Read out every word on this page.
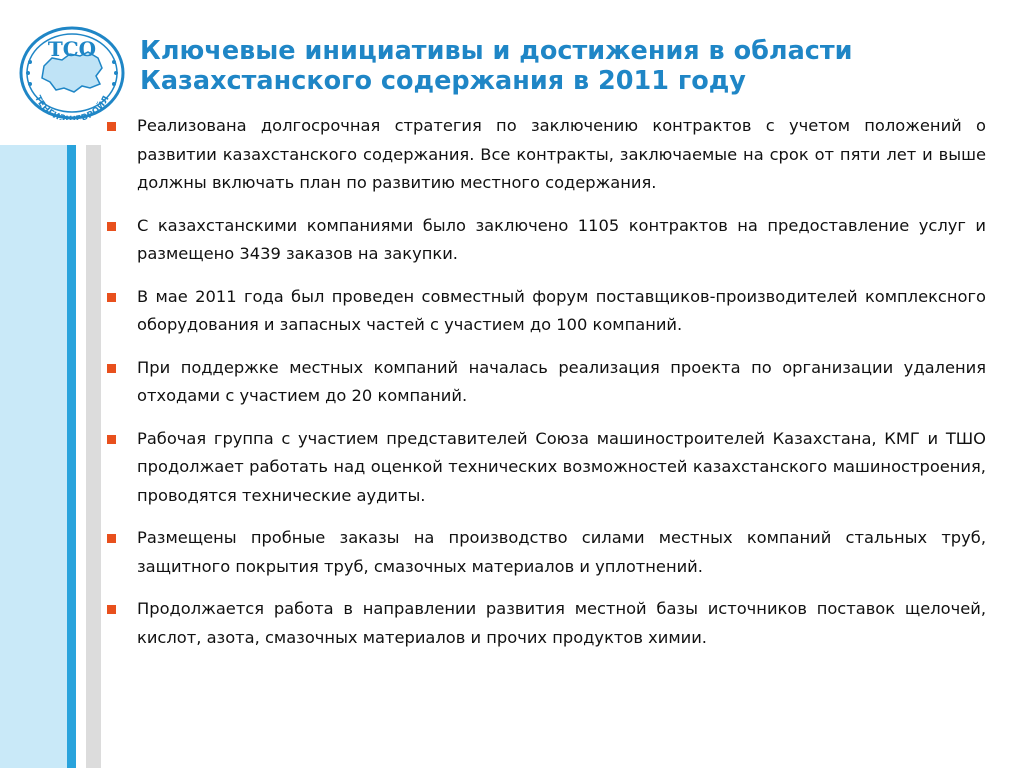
ТСО
ТЕНГИЗШЕВРОЙЛ
Ключевые инициативы и достижения в области
Казахстанского содержания в 2011 году
Реализована долгосрочная стратегия по заключению контрактов с учетом положений о развитии казахстанского содержания. Все контракты, заключаемые на срок от пяти лет и выше должны включать план по развитию местного содержания.
С казахстанскими компаниями было заключено 1105 контрактов на предоставление услуг и размещено 3439 заказов на закупки.
В мае 2011 года был проведен совместный форум поставщиков-производителей комплексного оборудования и запасных частей с участием до 100 компаний.
При поддержке местных компаний началась реализация проекта по организации удаления отходами с участием до 20 компаний.
Рабочая группа с участием представителей Союза машиностроителей Казахстана, КМГ и ТШО продолжает работать над оценкой технических возможностей казахстанского машиностроения, проводятся технические аудиты.
Размещены пробные заказы на производство силами местных компаний стальных труб, защитного покрытия труб, смазочных материалов и уплотнений.
Продолжается работа в направлении развития местной базы источников поставок щелочей, кислот, азота, смазочных материалов и прочих продуктов химии.
